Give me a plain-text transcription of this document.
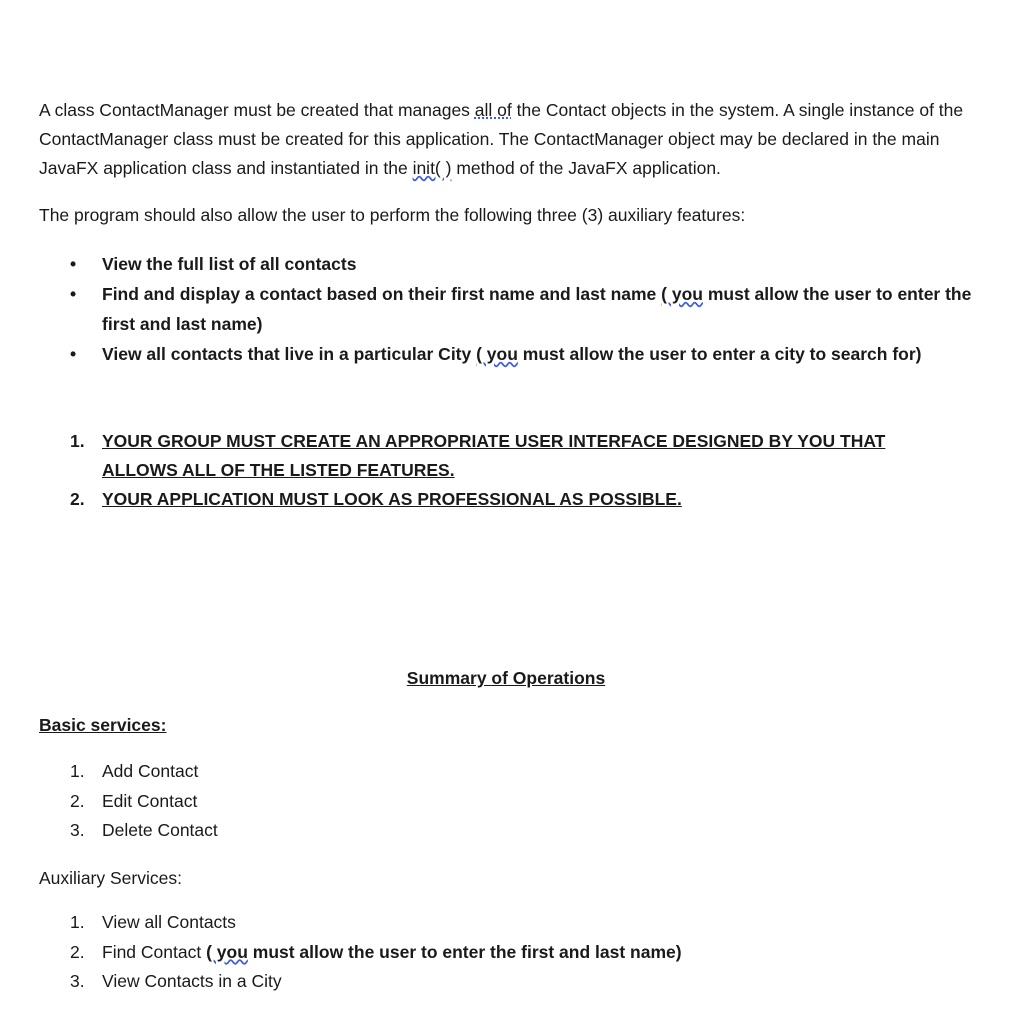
A class ContactManager must be created that manages all of the Contact objects in the system. A single instance of the ContactManager class must be created for this application. The ContactManager object may be declared in the main JavaFX application class and instantiated in the init( ) method of the JavaFX application.

The program should also allow the user to perform the following three (3) auxiliary features:

• View the full list of all contacts
• Find and display a contact based on their first name and last name ( you must allow the user to enter the first and last name)
• View all contacts that live in a particular City ( you must allow the user to enter a city to search for)
1. YOUR GROUP MUST CREATE AN APPROPRIATE USER INTERFACE DESIGNED BY YOU THAT ALLOWS ALL OF THE LISTED FEATURES.
2. YOUR APPLICATION MUST LOOK AS PROFESSIONAL AS POSSIBLE.
Summary of Operations
Basic services:
1. Add Contact
2. Edit Contact
3. Delete Contact
Auxiliary Services:
1. View all Contacts
2. Find Contact ( you must allow the user to enter the first and last name)
3. View Contacts in a City
